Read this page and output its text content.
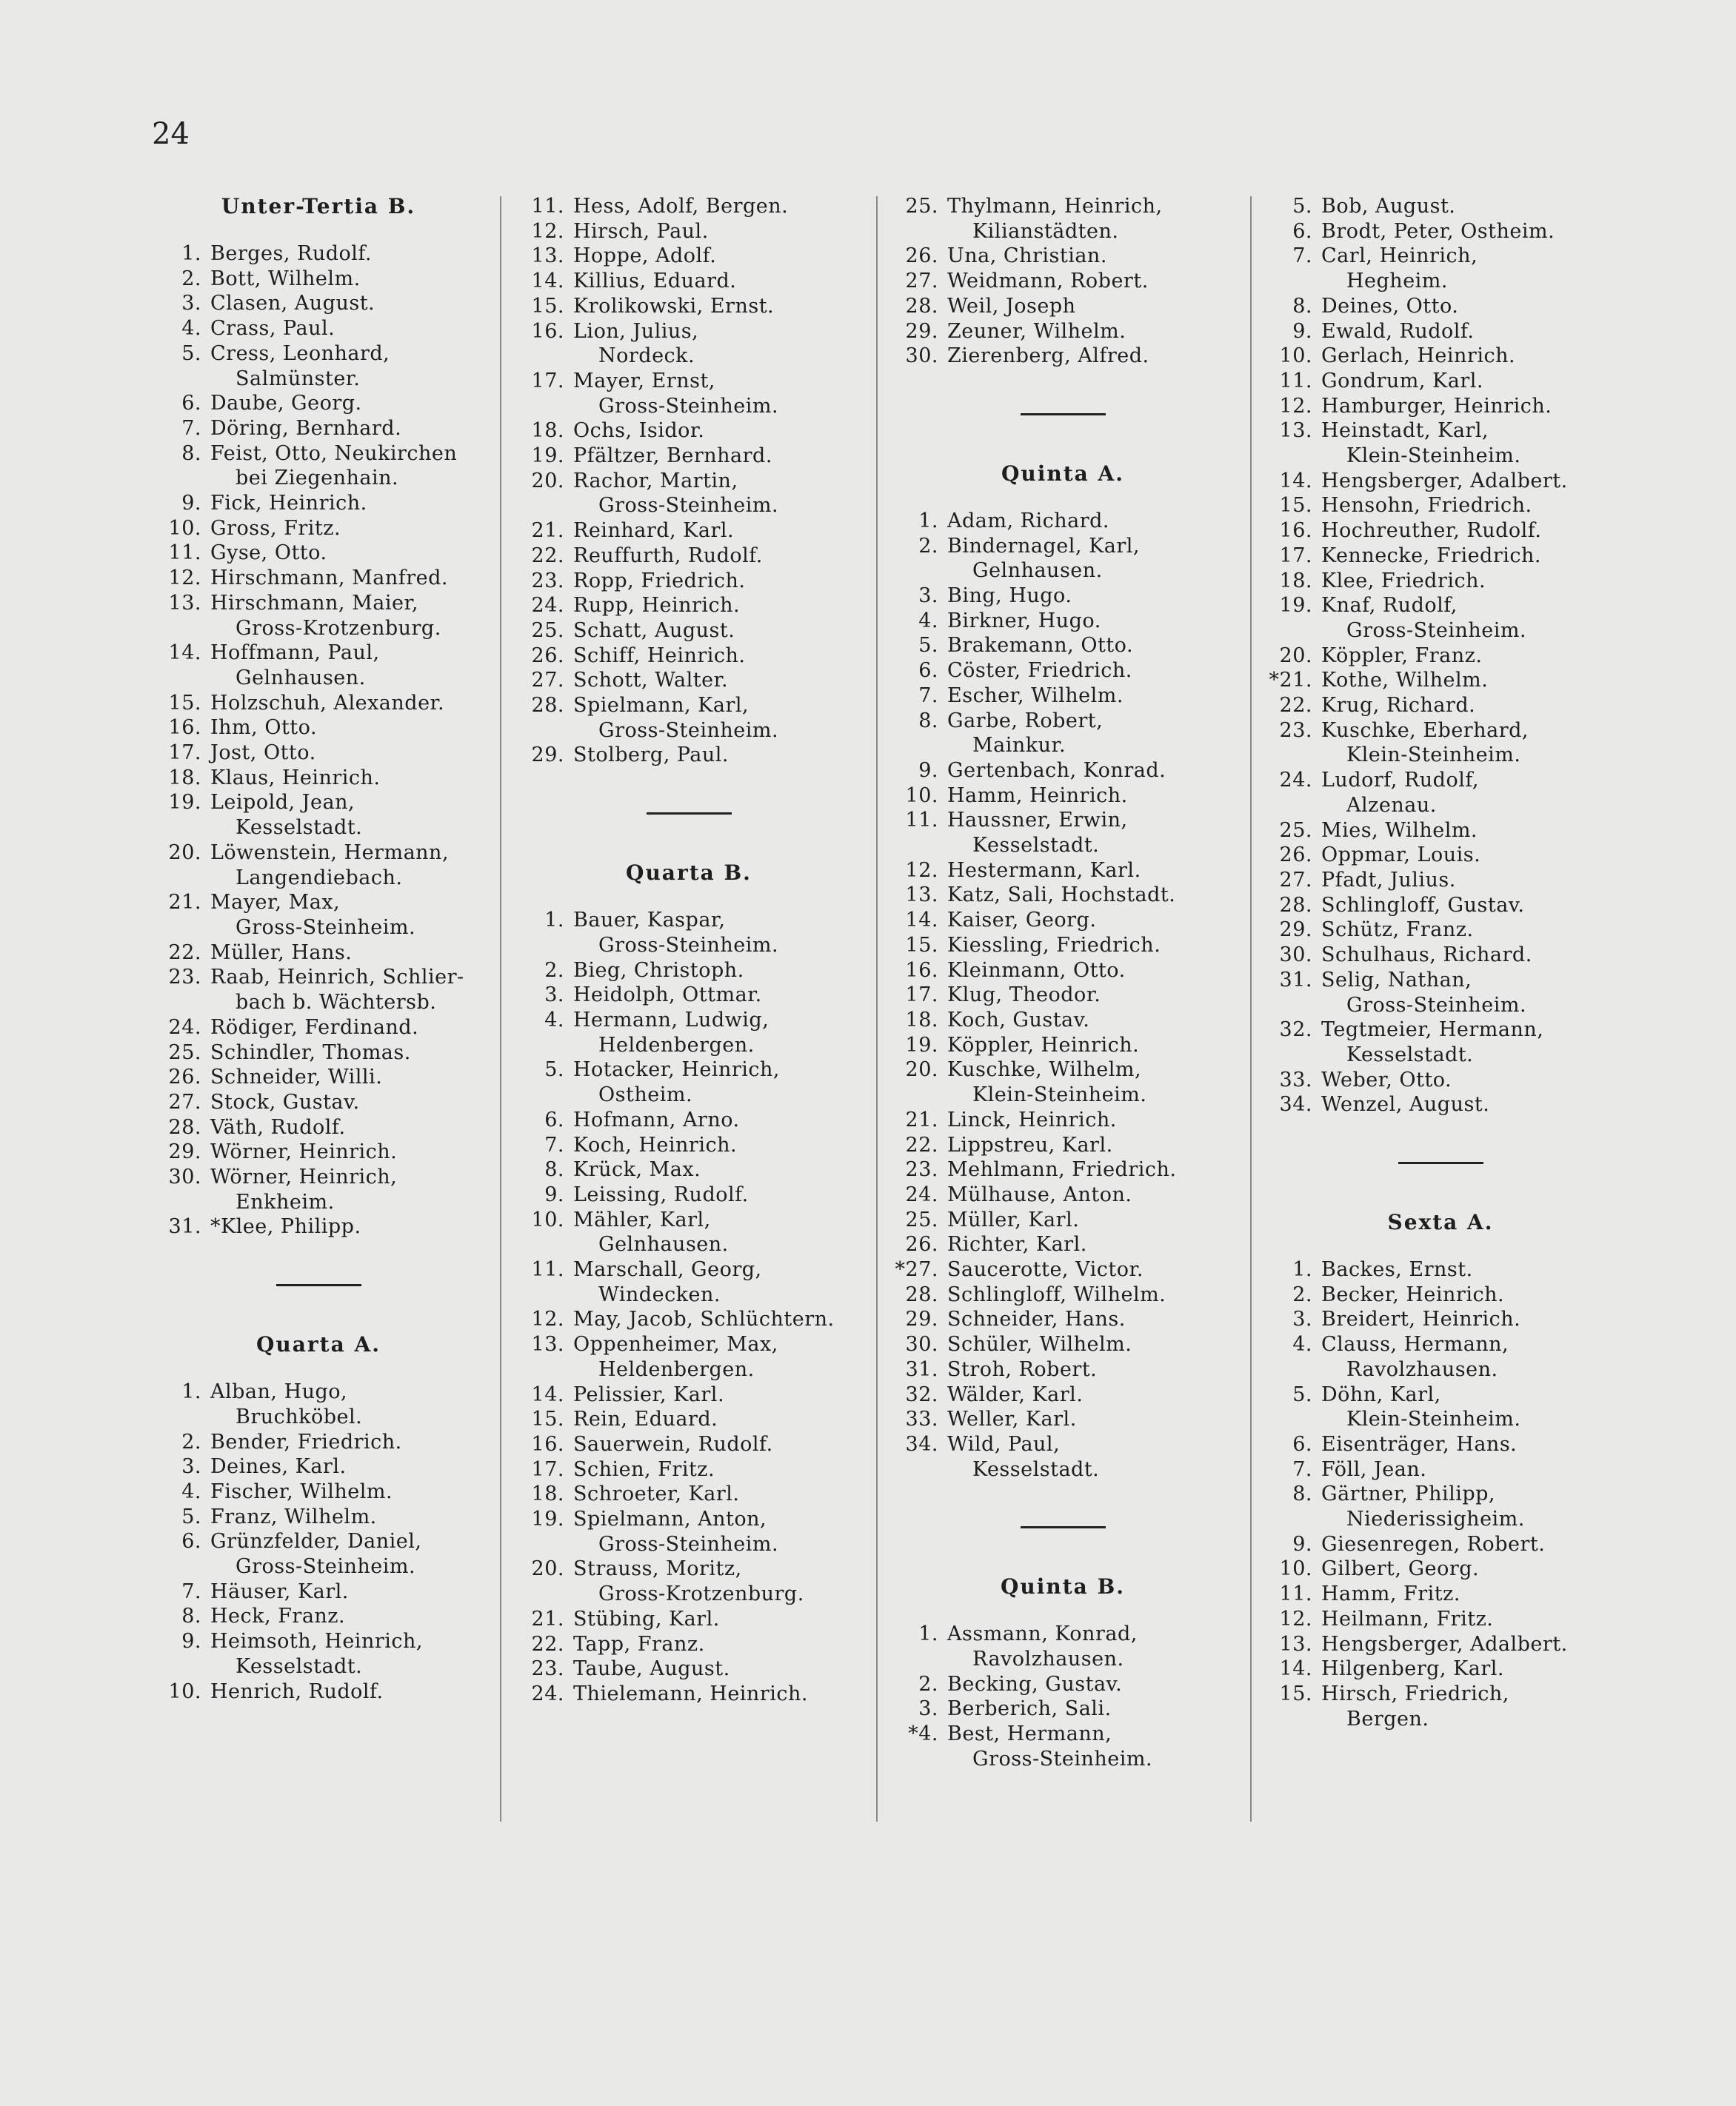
24
Unter-Tertia B.
1. Berges, Rudolf.
2. Bott, Wilhelm.
3. Clasen, August.
4. Crass, Paul.
5. Cress, Leonhard,
Salmünster.
6. Daube, Georg.
7. Döring, Bernhard.
8. Feist, Otto, Neukirchen
bei Ziegenhain.
9. Fick, Heinrich.
10. Gross, Fritz.
11. Gyse, Otto.
12. Hirschmann, Manfred.
13. Hirschmann, Maier,
Gross-Krotzenburg.
14. Hoffmann, Paul,
Gelnhausen.
15. Holzschuh, Alexander.
16. Ihm, Otto.
17. Jost, Otto.
18. Klaus, Heinrich.
19. Leipold, Jean,
Kesselstadt.
20. Löwenstein, Hermann,
Langendiebach.
21. Mayer, Max,
Gross-Steinheim.
22. Müller, Hans.
23. Raab, Heinrich, Schlier-
bach b. Wächtersb.
24. Rödiger, Ferdinand.
25. Schindler, Thomas.
26. Schneider, Willi.
27. Stock, Gustav.
28. Väth, Rudolf.
29. Wörner, Heinrich.
30. Wörner, Heinrich,
Enkheim.
31. *Klee, Philipp.
Quarta A.
1. Alban, Hugo,
Bruchköbel.
2. Bender, Friedrich.
3. Deines, Karl.
4. Fischer, Wilhelm.
5. Franz, Wilhelm.
6. Grünzfelder, Daniel,
Gross-Steinheim.
7. Häuser, Karl.
8. Heck, Franz.
9. Heimsoth, Heinrich,
Kesselstadt.
10. Henrich, Rudolf.
11. Hess, Adolf, Bergen.
12. Hirsch, Paul.
13. Hoppe, Adolf.
14. Killius, Eduard.
15. Krolikowski, Ernst.
16. Lion, Julius,
Nordeck.
17. Mayer, Ernst,
Gross-Steinheim.
18. Ochs, Isidor.
19. Pfältzer, Bernhard.
20. Rachor, Martin,
Gross-Steinheim.
21. Reinhard, Karl.
22. Reuffurth, Rudolf.
23. Ropp, Friedrich.
24. Rupp, Heinrich.
25. Schatt, August.
26. Schiff, Heinrich.
27. Schott, Walter.
28. Spielmann, Karl,
Gross-Steinheim.
29. Stolberg, Paul.
Quarta B.
1. Bauer, Kaspar,
Gross-Steinheim.
2. Bieg, Christoph.
3. Heidolph, Ottmar.
4. Hermann, Ludwig,
Heldenbergen.
5. Hotacker, Heinrich,
Ostheim.
6. Hofmann, Arno.
7. Koch, Heinrich.
8. Krück, Max.
9. Leissing, Rudolf.
10. Mähler, Karl,
Gelnhausen.
11. Marschall, Georg,
Windecken.
12. May, Jacob, Schlüchtern.
13. Oppenheimer, Max,
Heldenbergen.
14. Pelissier, Karl.
15. Rein, Eduard.
16. Sauerwein, Rudolf.
17. Schien, Fritz.
18. Schroeter, Karl.
19. Spielmann, Anton,
Gross-Steinheim.
20. Strauss, Moritz,
Gross-Krotzenburg.
21. Stübing, Karl.
22. Tapp, Franz.
23. Taube, August.
24. Thielemann, Heinrich.
25. Thylmann, Heinrich,
Kilianstädten.
26. Una, Christian.
27. Weidmann, Robert.
28. Weil, Joseph
29. Zeuner, Wilhelm.
30. Zierenberg, Alfred.
Quinta A.
1. Adam, Richard.
2. Bindernagel, Karl,
Gelnhausen.
3. Bing, Hugo.
4. Birkner, Hugo.
5. Brakemann, Otto.
6. Cöster, Friedrich.
7. Escher, Wilhelm.
8. Garbe, Robert,
Mainkur.
9. Gertenbach, Konrad.
10. Hamm, Heinrich.
11. Haussner, Erwin,
Kesselstadt.
12. Hestermann, Karl.
13. Katz, Sali, Hochstadt.
14. Kaiser, Georg.
15. Kiessling, Friedrich.
16. Kleinmann, Otto.
17. Klug, Theodor.
18. Koch, Gustav.
19. Köppler, Heinrich.
20. Kuschke, Wilhelm,
Klein-Steinheim.
21. Linck, Heinrich.
22. Lippstreu, Karl.
23. Mehlmann, Friedrich.
24. Mülhause, Anton.
25. Müller, Karl.
26. Richter, Karl.
*27. Saucerotte, Victor.
28. Schlingloff, Wilhelm.
29. Schneider, Hans.
30. Schüler, Wilhelm.
31. Stroh, Robert.
32. Wälder, Karl.
33. Weller, Karl.
34. Wild, Paul,
Kesselstadt.
Quinta B.
1. Assmann, Konrad,
Ravolzhausen.
2. Becking, Gustav.
3. Berberich, Sali.
*4. Best, Hermann,
Gross-Steinheim.
5. Bob, August.
6. Brodt, Peter, Ostheim.
7. Carl, Heinrich,
Hegheim.
8. Deines, Otto.
9. Ewald, Rudolf.
10. Gerlach, Heinrich.
11. Gondrum, Karl.
12. Hamburger, Heinrich.
13. Heinstadt, Karl,
Klein-Steinheim.
14. Hengsberger, Adalbert.
15. Hensohn, Friedrich.
16. Hochreuther, Rudolf.
17. Kennecke, Friedrich.
18. Klee, Friedrich.
19. Knaf, Rudolf,
Gross-Steinheim.
20. Köppler, Franz.
*21. Kothe, Wilhelm.
22. Krug, Richard.
23. Kuschke, Eberhard,
Klein-Steinheim.
24. Ludorf, Rudolf,
Alzenau.
25. Mies, Wilhelm.
26. Oppmar, Louis.
27. Pfadt, Julius.
28. Schlingloff, Gustav.
29. Schütz, Franz.
30. Schulhaus, Richard.
31. Selig, Nathan,
Gross-Steinheim.
32. Tegtmeier, Hermann,
Kesselstadt.
33. Weber, Otto.
34. Wenzel, August.
Sexta A.
1. Backes, Ernst.
2. Becker, Heinrich.
3. Breidert, Heinrich.
4. Clauss, Hermann,
Ravolzhausen.
5. Döhn, Karl,
Klein-Steinheim.
6. Eisenträger, Hans.
7. Föll, Jean.
8. Gärtner, Philipp,
Niederissigheim.
9. Giesenregen, Robert.
10. Gilbert, Georg.
11. Hamm, Fritz.
12. Heilmann, Fritz.
13. Hengsberger, Adalbert.
14. Hilgenberg, Karl.
15. Hirsch, Friedrich,
Bergen.
